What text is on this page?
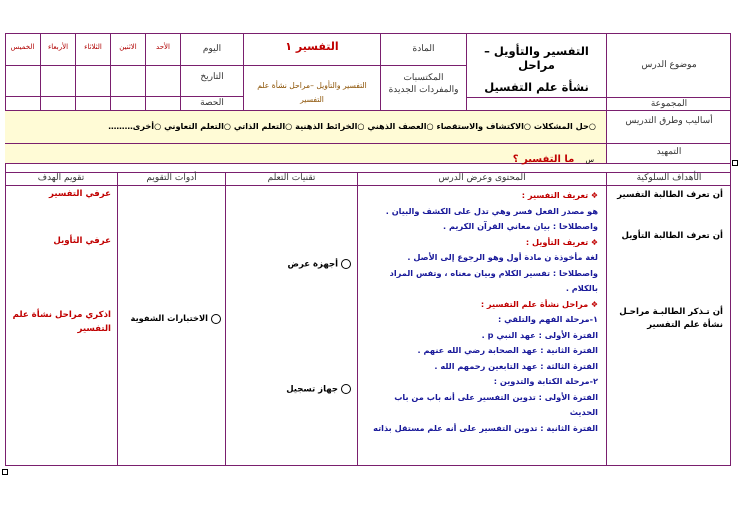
موضوع الدرس
التفسير والتأويل –مراحل
نشأة علم التفسيل
المادة
التفسير ١
اليوم
الأحد
الاثنين
الثلاثاء
الأربعاء
الخميس
المكتسبات والمفردات الجديدة
التفسير والتأويل –مراحل نشأة علم التفسير
التاريخ
الحصة	المجموعة
أساليب وطرق التدريس
○حل المشكلات ○الاكتشاف والاستقصاء ○العصف الذهني ○الخرائط الذهنية ○التعلم الذاتي ○التعلم التعاوني ○أخرى………
التمهيد
س ما التفسير ؟
الأهداف السلوكية
المحتوى وعرض الدرس
تقنيات التعلم
أدوات التقويم
تقويم الهدف
أن تعرف الطالبة التفسير
أن تعرف الطالبة التأويل
أن تـذكر الطالبـة مراحـل نشأة علم التفسير
❖ تعريف التفسير :
هو مصدر الفعل فسر وهي تدل على الكشف والبيان .
واصطلاحا : بيان معاني القرآن الكريم .
❖ تعريف التأويل :
لغة مأخوذة ن مادة أول وهو الرجوع إلى الأصل .
واصطلاحا : تفسير الكلام وبيان معناه ، وتفس المراد
بالكلام .
❖ مراحل نشأة علم التفسير :
١-مرحلة الفهم والتلقي :
الفترة الأولى : عهد النبي p .
الفترة الثانية : عهد الصحابة رضي الله عنهم .
الفترة الثالثة : عهد التابعين رحمهم الله .
٢-مرحلة الكتابة والتدوين :
الفترة الأولى : تدوين التفسير على أنه باب من باب
الحديث
الفترة الثانية : تدوين التفسير على أنه علم مستقل بذاته
أجهزة عرض
جهاز تسجيل
الاختبارات الشفوية
عرفي التفسير
عرفي التأويل
اذكري مراحل نشأة علم التفسير
